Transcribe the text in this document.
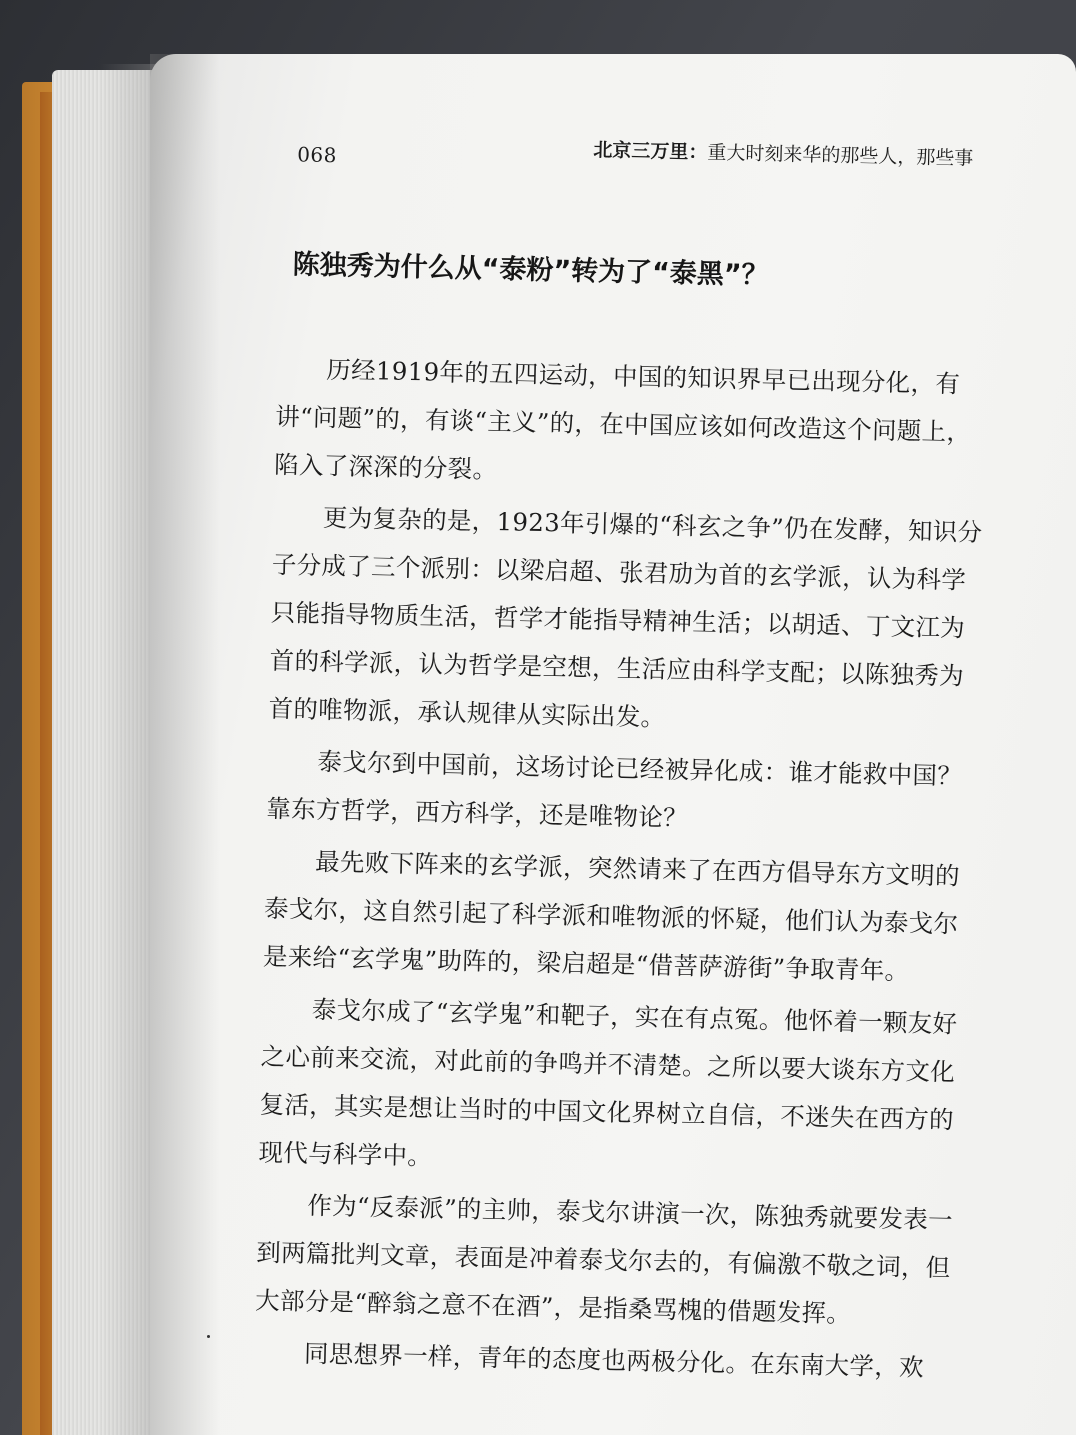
068	北京三万里：重大时刻来华的那些人，那些事
陈独秀为什么从“泰粉”转为了“泰黑”？

历经1919年的五四运动，中国的知识界早已出现分化，有讲“问题”的，有谈“主义”的，在中国应该如何改造这个问题上，陷入了深深的分裂。

更为复杂的是，1923年引爆的“科玄之争”仍在发酵，知识分子分成了三个派别：以梁启超、张君劢为首的玄学派，认为科学只能指导物质生活，哲学才能指导精神生活；以胡适、丁文江为首的科学派，认为哲学是空想，生活应由科学支配；以陈独秀为首的唯物派，承认规律从实际出发。

泰戈尔到中国前，这场讨论已经被异化成：谁才能救中国？靠东方哲学，西方科学，还是唯物论？

最先败下阵来的玄学派，突然请来了在西方倡导东方文明的泰戈尔，这自然引起了科学派和唯物派的怀疑，他们认为泰戈尔是来给“玄学鬼”助阵的，梁启超是“借菩萨游街”争取青年。

泰戈尔成了“玄学鬼”和靶子，实在有点冤。他怀着一颗友好之心前来交流，对此前的争鸣并不清楚。之所以要大谈东方文化复活，其实是想让当时的中国文化界树立自信，不迷失在西方的现代与科学中。

作为“反泰派”的主帅，泰戈尔讲演一次，陈独秀就要发表一到两篇批判文章，表面是冲着泰戈尔去的，有偏激不敬之词，但大部分是“醉翁之意不在酒”，是指桑骂槐的借题发挥。

同思想界一样，青年的态度也两极分化。在东南大学，欢
